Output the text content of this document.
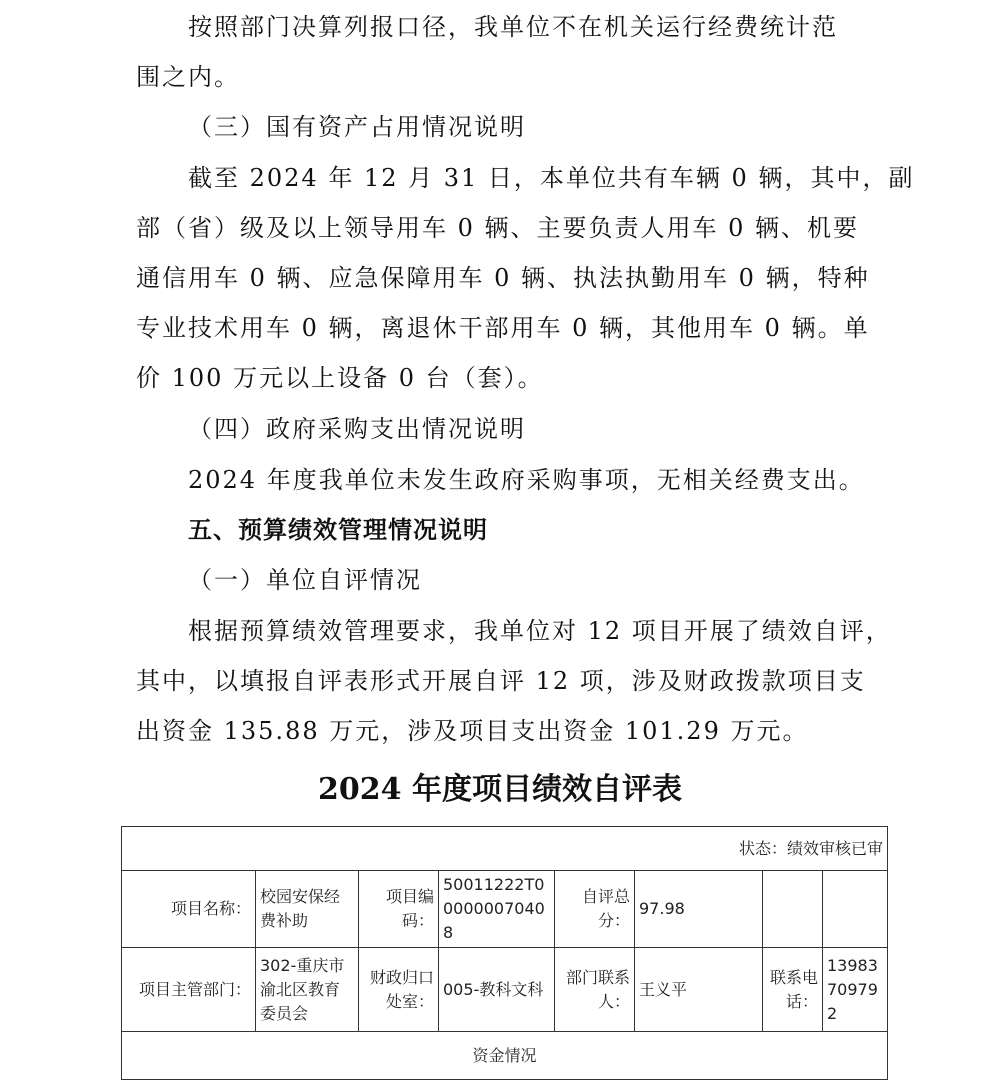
按照部门决算列报口径，我单位不在机关运行经费统计范
围之内。
（三）国有资产占用情况说明
截至 2024 年 12 月 31 日，本单位共有车辆 0 辆，其中，副
部（省）级及以上领导用车 0 辆、主要负责人用车 0 辆、机要
通信用车 0 辆、应急保障用车 0 辆、执法执勤用车 0 辆，特种
专业技术用车 0 辆，离退休干部用车 0 辆，其他用车 0 辆。单
价 100 万元以上设备 0 台（套）。
（四）政府采购支出情况说明
2024 年度我单位未发生政府采购事项，无相关经费支出。
五、预算绩效管理情况说明
（一）单位自评情况
根据预算绩效管理要求，我单位对 12 项目开展了绩效自评，
其中，以填报自评表形式开展自评 12 项，涉及财政拨款项目支
出资金 135.88 万元，涉及项目支出资金 101.29 万元。
2024 年度项目绩效自评表
状态：绩效审核已审							
项目名称：	校园安保经费补助	项目编码：	50011222T000000070408	自评总分：	97.98		
项目主管部门：	302-重庆市渝北区教育委员会	财政归口处室：	005-教科文科	部门联系人：	王义平	联系电话：	13983709792
资金情况							
